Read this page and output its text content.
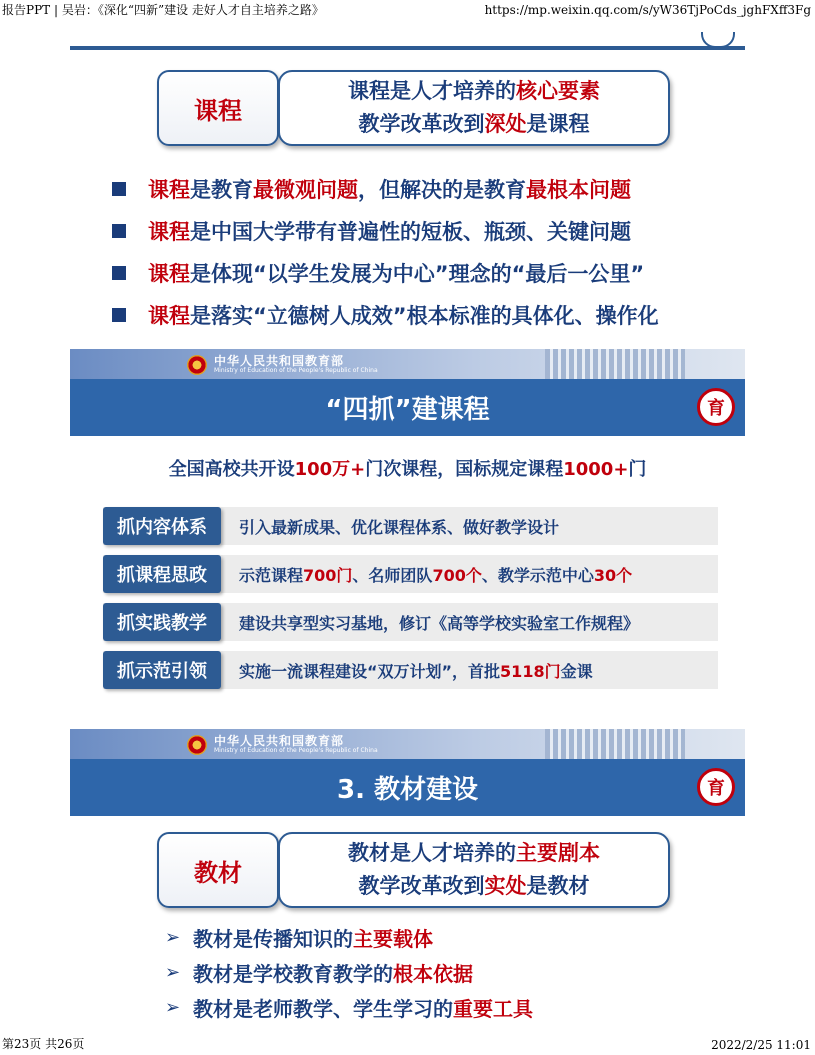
报告PPT | 吴岩：《深化“四新”建设 走好人才自主培养之路》	https://mp.weixin.qq.com/s/yW36TjPoCds_jghFXff3Fg
课程
课程是人才培养的核心要素
教学改革改到深处是课程
课程 是教育 最微观问题 ，但解决的是教育 最根本问题
课程 是中国大学带有普遍性的短板、瓶颈、关键问题
课程 是体现“以学生发展为中心”理念的“最后一公里”
课程 是落实“立德树人成效”根本标准的具体化、操作化
中华人民共和国教育部
Ministry of Education of the People's Republic of China
“四抓”建课程	育
全国高校共开设100万+门次课程，国标规定课程1000+门
抓内容体系	引入最新成果、优化课程体系、做好教学设计
抓课程思政	示范课程 700门 、名师团队 700个 、教学示范中心 30个
抓实践教学	建设共享型实习基地，修订《高等学校实验室工作规程》
抓示范引领	实施一流课程建设“双万计划”，首批 5118门 金课
中华人民共和国教育部
Ministry of Education of the People's Republic of China
3. 教材建设	育
教材
教材是人才培养的主要剧本
教学改革改到实处是教材
➢ 教材是传播知识的 主要载体
➢ 教材是学校教育教学的 根本依据
➢ 教材是老师教学、学生学习的 重要工具
第23页 共26页	2022/2/25 11:01
